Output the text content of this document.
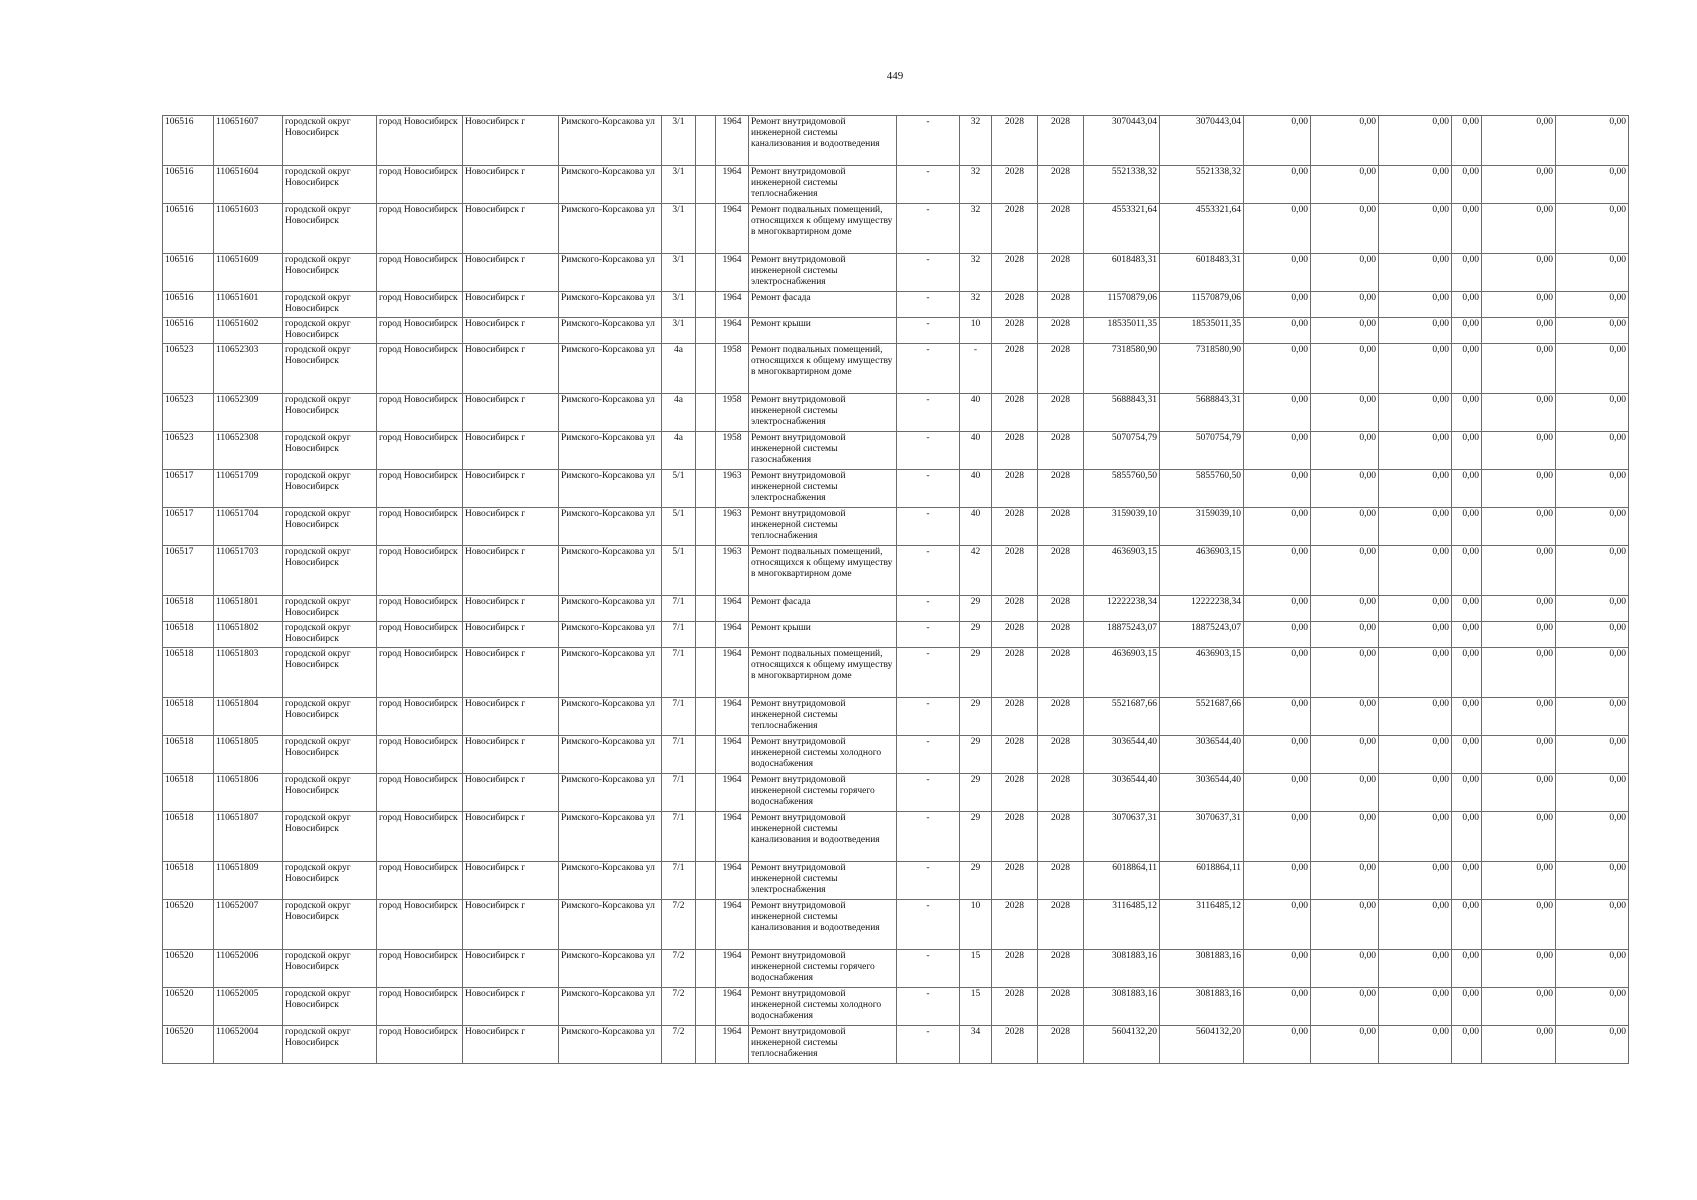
449
106516	110651607	городской округ Новосибирск	город Новосибирск	Новосибирск г	Римского-Корсакова ул	3/1		1964	Ремонт внутридомовой инженерной системы канализования и водоотведения	-	32	2028	2028	3070443,04	3070443,04	0,00	0,00	0,00	0,00	0,00	0,00
106516	110651604	городской округ Новосибирск	город Новосибирск	Новосибирск г	Римского-Корсакова ул	3/1		1964	Ремонт внутридомовой инженерной системы теплоснабжения	-	32	2028	2028	5521338,32	5521338,32	0,00	0,00	0,00	0,00	0,00	0,00
106516	110651603	городской округ Новосибирск	город Новосибирск	Новосибирск г	Римского-Корсакова ул	3/1		1964	Ремонт подвальных помещений, относящихся к общему имуществу в многоквартирном доме	-	32	2028	2028	4553321,64	4553321,64	0,00	0,00	0,00	0,00	0,00	0,00
106516	110651609	городской округ Новосибирск	город Новосибирск	Новосибирск г	Римского-Корсакова ул	3/1		1964	Ремонт внутридомовой инженерной системы электроснабжения	-	32	2028	2028	6018483,31	6018483,31	0,00	0,00	0,00	0,00	0,00	0,00
106516	110651601	городской округ Новосибирск	город Новосибирск	Новосибирск г	Римского-Корсакова ул	3/1		1964	Ремонт фасада	-	32	2028	2028	11570879,06	11570879,06	0,00	0,00	0,00	0,00	0,00	0,00
106516	110651602	городской округ Новосибирск	город Новосибирск	Новосибирск г	Римского-Корсакова ул	3/1		1964	Ремонт крыши	-	10	2028	2028	18535011,35	18535011,35	0,00	0,00	0,00	0,00	0,00	0,00
106523	110652303	городской округ Новосибирск	город Новосибирск	Новосибирск г	Римского-Корсакова ул	4а		1958	Ремонт подвальных помещений, относящихся к общему имуществу в многоквартирном доме	-	-	2028	2028	7318580,90	7318580,90	0,00	0,00	0,00	0,00	0,00	0,00
106523	110652309	городской округ Новосибирск	город Новосибирск	Новосибирск г	Римского-Корсакова ул	4а		1958	Ремонт внутридомовой инженерной системы электроснабжения	-	40	2028	2028	5688843,31	5688843,31	0,00	0,00	0,00	0,00	0,00	0,00
106523	110652308	городской округ Новосибирск	город Новосибирск	Новосибирск г	Римского-Корсакова ул	4а		1958	Ремонт внутридомовой инженерной системы газоснабжения	-	40	2028	2028	5070754,79	5070754,79	0,00	0,00	0,00	0,00	0,00	0,00
106517	110651709	городской округ Новосибирск	город Новосибирск	Новосибирск г	Римского-Корсакова ул	5/1		1963	Ремонт внутридомовой инженерной системы электроснабжения	-	40	2028	2028	5855760,50	5855760,50	0,00	0,00	0,00	0,00	0,00	0,00
106517	110651704	городской округ Новосибирск	город Новосибирск	Новосибирск г	Римского-Корсакова ул	5/1		1963	Ремонт внутридомовой инженерной системы теплоснабжения	-	40	2028	2028	3159039,10	3159039,10	0,00	0,00	0,00	0,00	0,00	0,00
106517	110651703	городской округ Новосибирск	город Новосибирск	Новосибирск г	Римского-Корсакова ул	5/1		1963	Ремонт подвальных помещений, относящихся к общему имуществу в многоквартирном доме	-	42	2028	2028	4636903,15	4636903,15	0,00	0,00	0,00	0,00	0,00	0,00
106518	110651801	городской округ Новосибирск	город Новосибирск	Новосибирск г	Римского-Корсакова ул	7/1		1964	Ремонт фасада	-	29	2028	2028	12222238,34	12222238,34	0,00	0,00	0,00	0,00	0,00	0,00
106518	110651802	городской округ Новосибирск	город Новосибирск	Новосибирск г	Римского-Корсакова ул	7/1		1964	Ремонт крыши	-	29	2028	2028	18875243,07	18875243,07	0,00	0,00	0,00	0,00	0,00	0,00
106518	110651803	городской округ Новосибирск	город Новосибирск	Новосибирск г	Римского-Корсакова ул	7/1		1964	Ремонт подвальных помещений, относящихся к общему имуществу в многоквартирном доме	-	29	2028	2028	4636903,15	4636903,15	0,00	0,00	0,00	0,00	0,00	0,00
106518	110651804	городской округ Новосибирск	город Новосибирск	Новосибирск г	Римского-Корсакова ул	7/1		1964	Ремонт внутридомовой инженерной системы теплоснабжения	-	29	2028	2028	5521687,66	5521687,66	0,00	0,00	0,00	0,00	0,00	0,00
106518	110651805	городской округ Новосибирск	город Новосибирск	Новосибирск г	Римского-Корсакова ул	7/1		1964	Ремонт внутридомовой инженерной системы холодного водоснабжения	-	29	2028	2028	3036544,40	3036544,40	0,00	0,00	0,00	0,00	0,00	0,00
106518	110651806	городской округ Новосибирск	город Новосибирск	Новосибирск г	Римского-Корсакова ул	7/1		1964	Ремонт внутридомовой инженерной системы горячего водоснабжения	-	29	2028	2028	3036544,40	3036544,40	0,00	0,00	0,00	0,00	0,00	0,00
106518	110651807	городской округ Новосибирск	город Новосибирск	Новосибирск г	Римского-Корсакова ул	7/1		1964	Ремонт внутридомовой инженерной системы канализования и водоотведения	-	29	2028	2028	3070637,31	3070637,31	0,00	0,00	0,00	0,00	0,00	0,00
106518	110651809	городской округ Новосибирск	город Новосибирск	Новосибирск г	Римского-Корсакова ул	7/1		1964	Ремонт внутридомовой инженерной системы электроснабжения	-	29	2028	2028	6018864,11	6018864,11	0,00	0,00	0,00	0,00	0,00	0,00
106520	110652007	городской округ Новосибирск	город Новосибирск	Новосибирск г	Римского-Корсакова ул	7/2		1964	Ремонт внутридомовой инженерной системы канализования и водоотведения	-	10	2028	2028	3116485,12	3116485,12	0,00	0,00	0,00	0,00	0,00	0,00
106520	110652006	городской округ Новосибирск	город Новосибирск	Новосибирск г	Римского-Корсакова ул	7/2		1964	Ремонт внутридомовой инженерной системы горячего водоснабжения	-	15	2028	2028	3081883,16	3081883,16	0,00	0,00	0,00	0,00	0,00	0,00
106520	110652005	городской округ Новосибирск	город Новосибирск	Новосибирск г	Римского-Корсакова ул	7/2		1964	Ремонт внутридомовой инженерной системы холодного водоснабжения	-	15	2028	2028	3081883,16	3081883,16	0,00	0,00	0,00	0,00	0,00	0,00
106520	110652004	городской округ Новосибирск	город Новосибирск	Новосибирск г	Римского-Корсакова ул	7/2		1964	Ремонт внутридомовой инженерной системы теплоснабжения	-	34	2028	2028	5604132,20	5604132,20	0,00	0,00	0,00	0,00	0,00	0,00
